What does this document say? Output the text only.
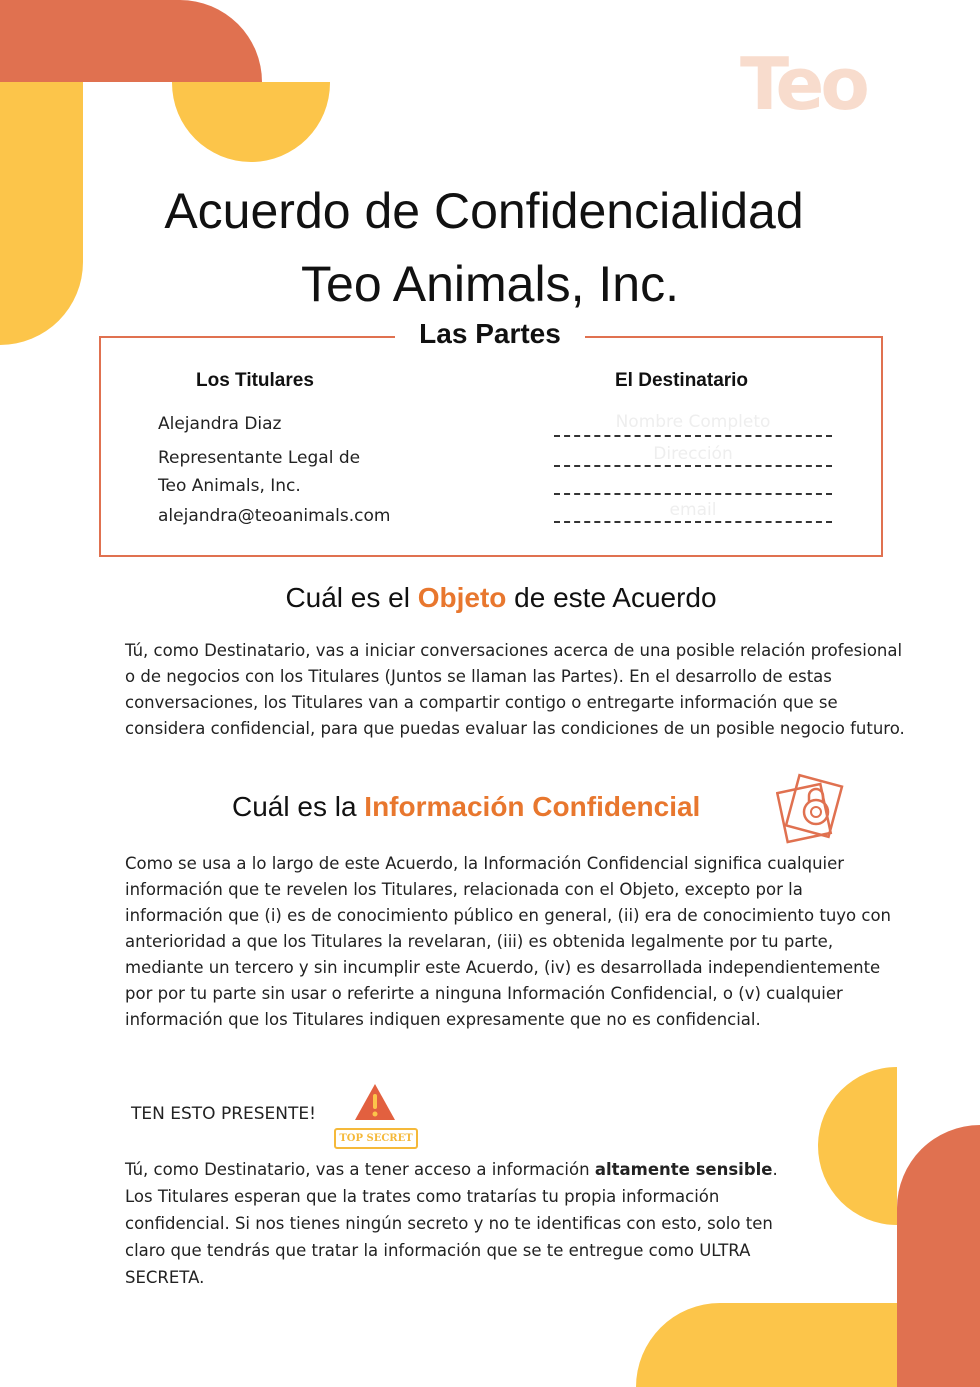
Teo
Acuerdo de Confidencialidad
Teo Animals, Inc.
Las Partes
Los Titulares	El Destinatario
Alejandra Diaz
Representante Legal de
Teo Animals, Inc.
alejandra@teoanimals.com
Nombre Completo
Dirección
email
Cuál es el Objeto de este Acuerdo
Tú, como Destinatario, vas a iniciar conversaciones acerca de una posible relación profesional o de negocios con los Titulares (Juntos se llaman las Partes). En el desarrollo de estas conversaciones, los Titulares van a compartir contigo o entregarte información que se considera confidencial, para que puedas evaluar las condiciones de un posible negocio futuro.
Cuál es la Información Confidencial
Como se usa a lo largo de este Acuerdo, la Información Confidencial significa cualquier información que te revelen los Titulares, relacionada con el Objeto, excepto por la información que (i) es de conocimiento público en general, (ii) era de conocimiento tuyo con anterioridad a que los Titulares la revelaran, (iii) es obtenida legalmente por tu parte, mediante un tercero y sin incumplir este Acuerdo, (iv) es desarrollada independientemente por por tu parte sin usar o referirte a ninguna Información Confidencial, o (v) cualquier información que los Titulares indiquen expresamente que no es confidencial.
TEN ESTO PRESENTE!
TOP SECRET
Tú, como Destinatario, vas a tener acceso a información altamente sensible. Los Titulares esperan que la trates como tratarías tu propia información confidencial. Si nos tienes ningún secreto y no te identificas con esto, solo ten claro que tendrás que tratar la información que se te entregue como ULTRA SECRETA.
